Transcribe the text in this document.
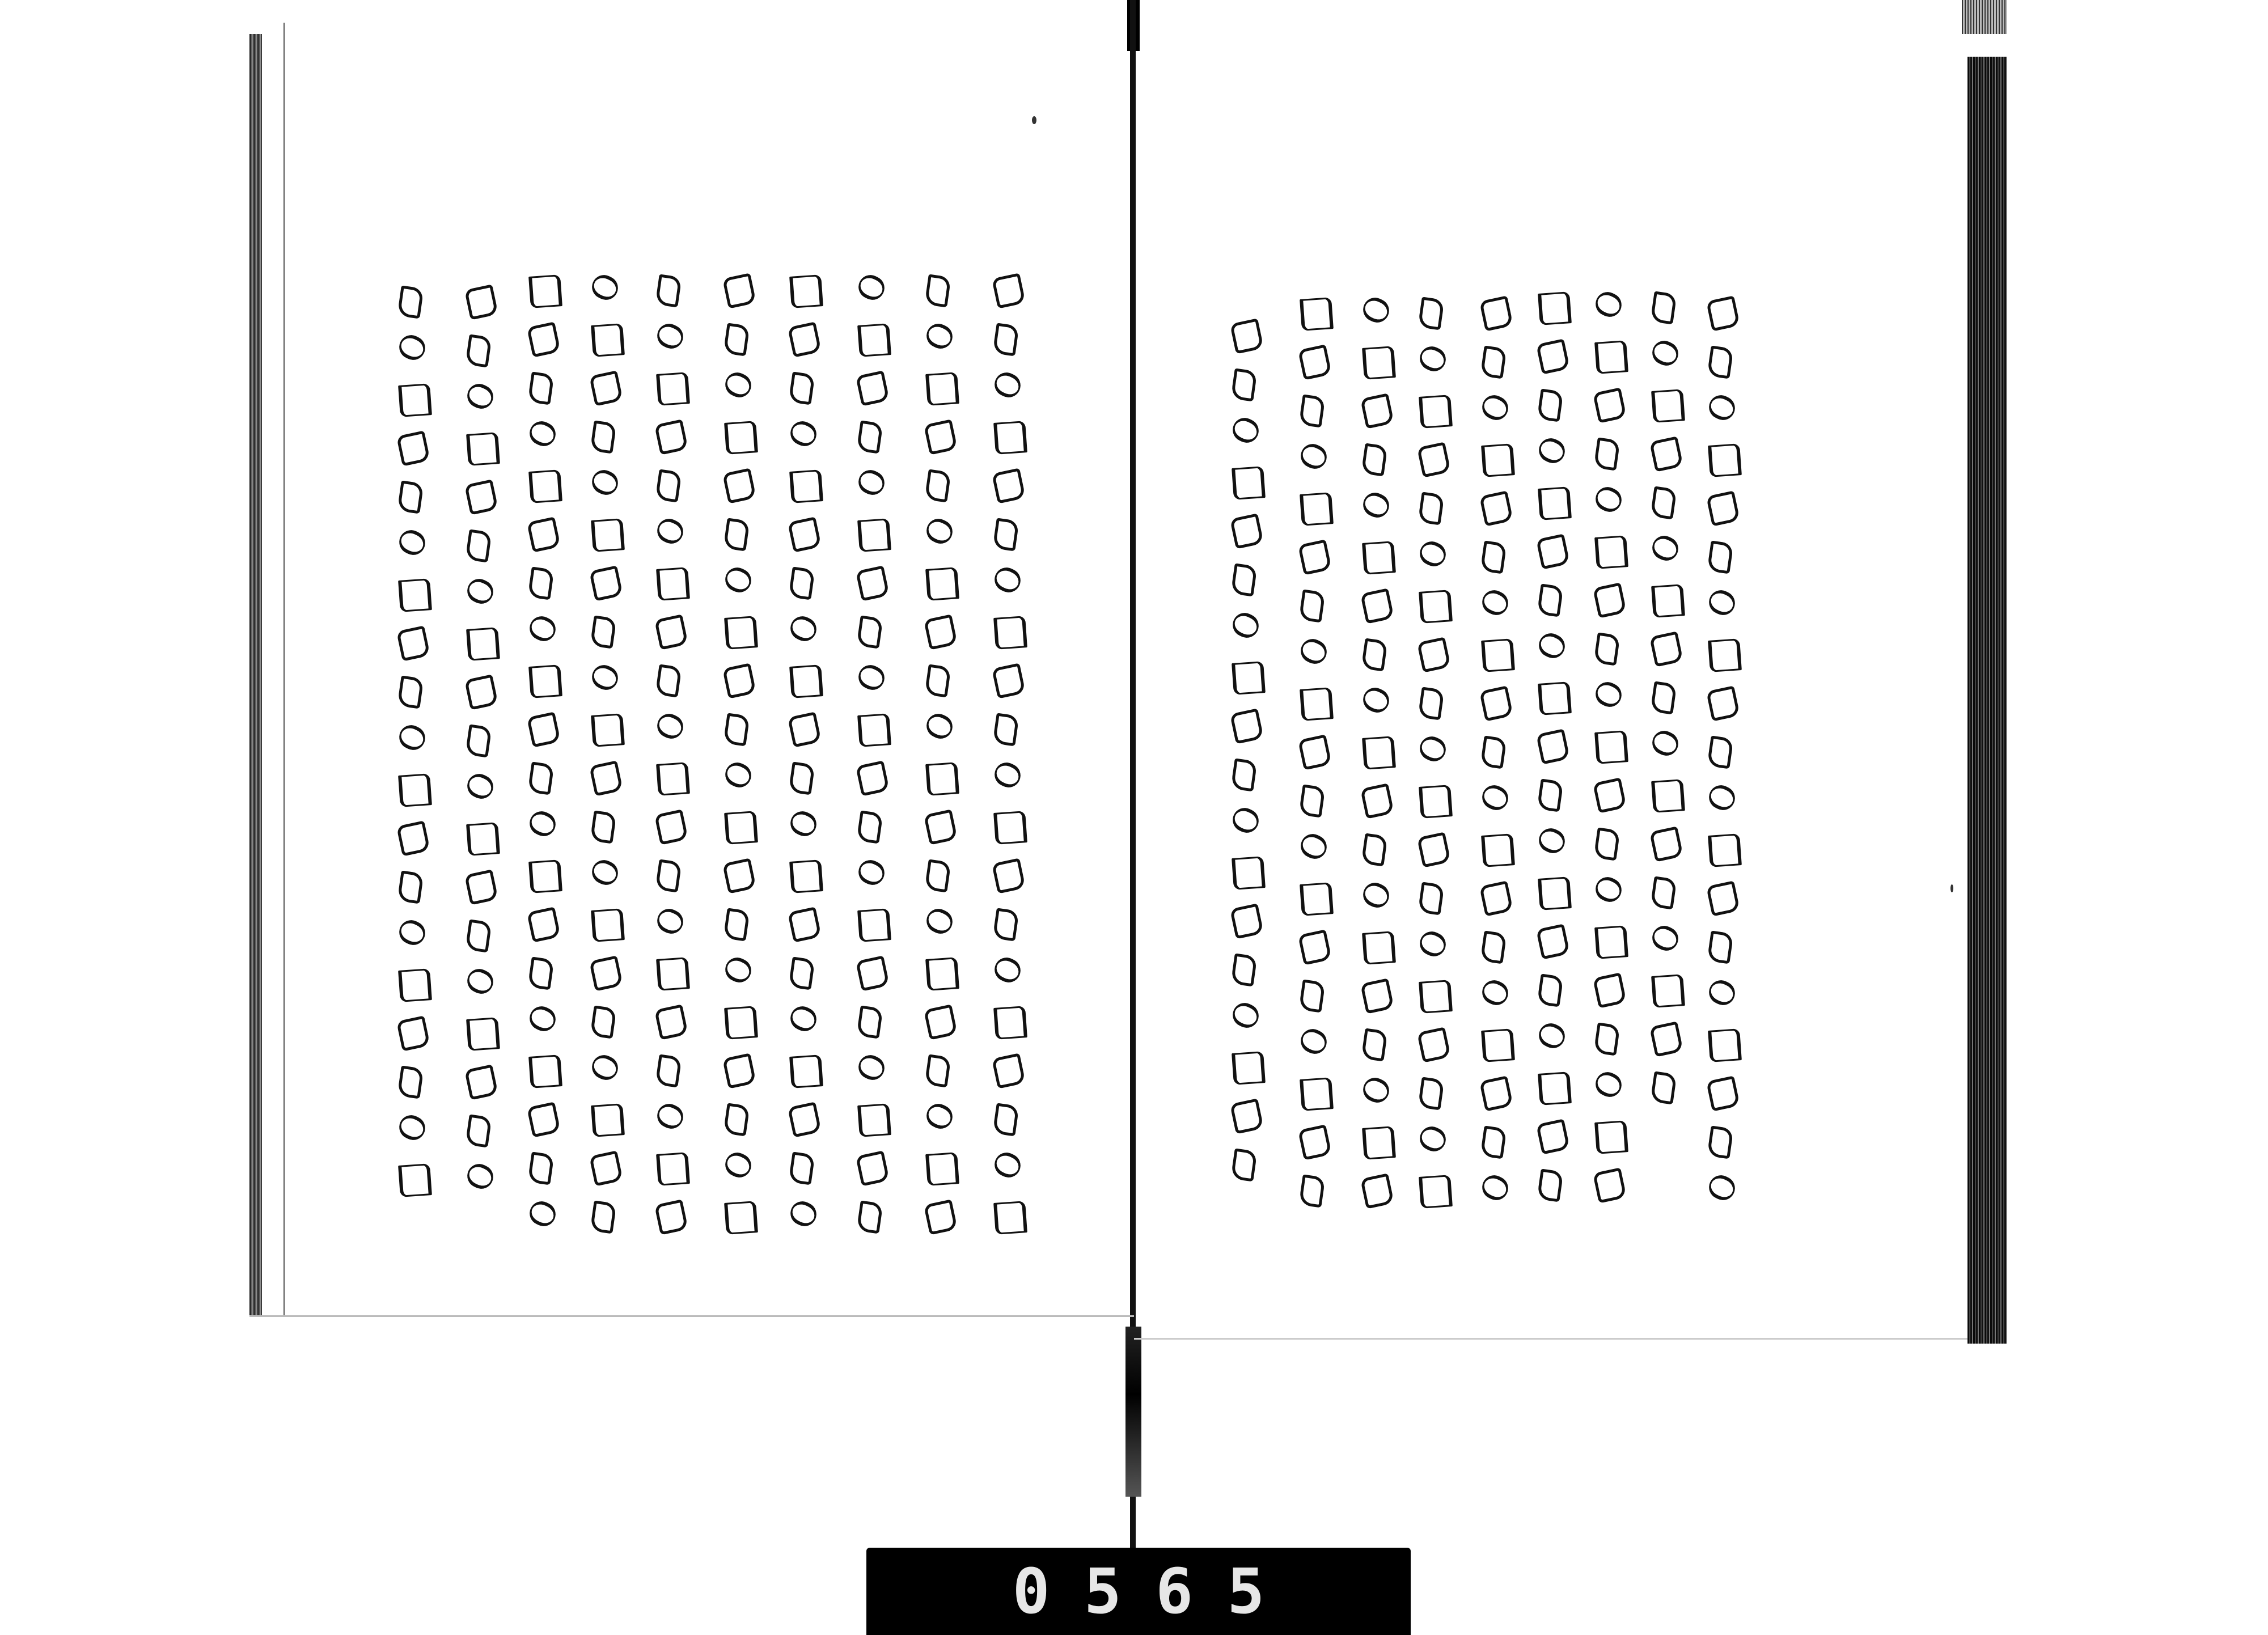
0565
